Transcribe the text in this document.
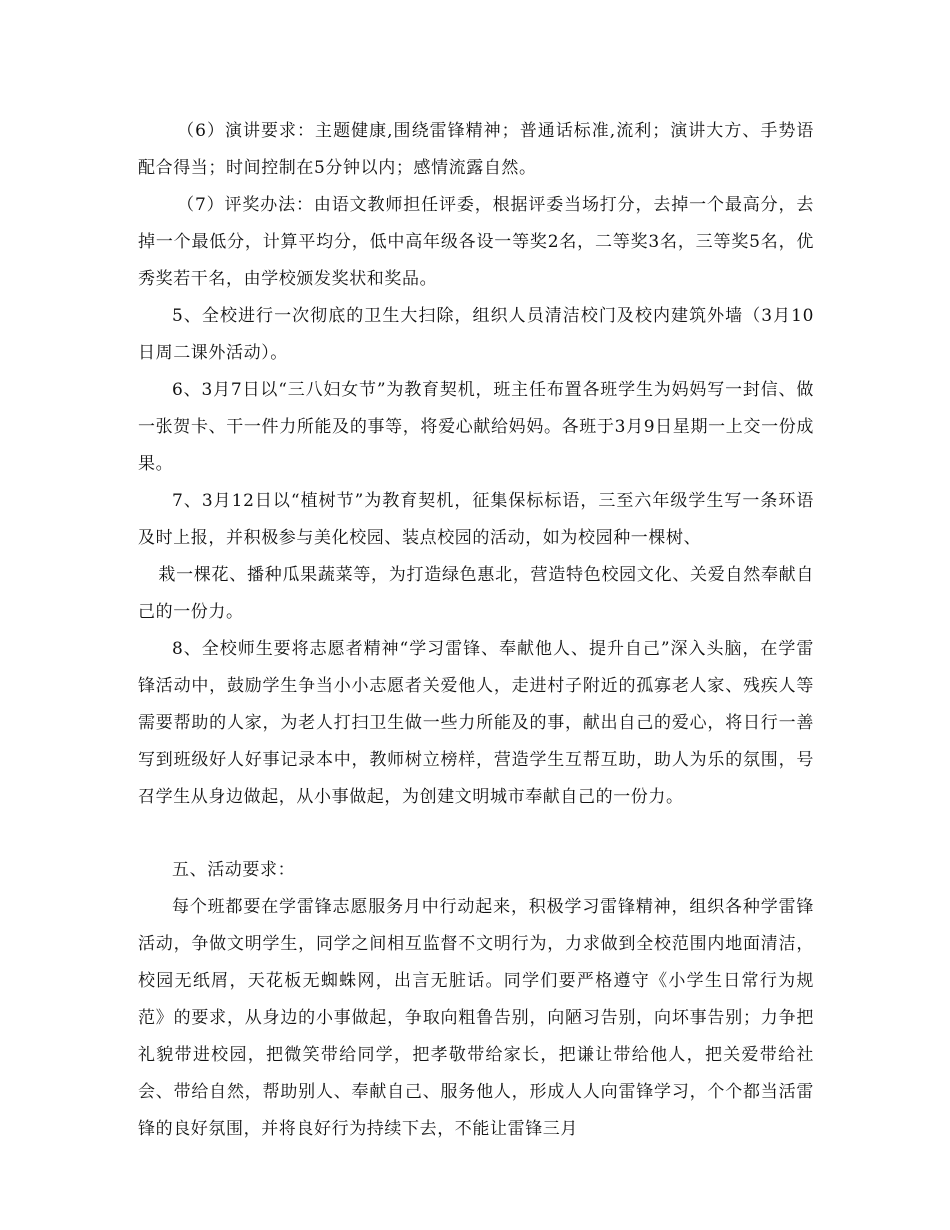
（6）演讲要求：主题健康,围绕雷锋精神；普通话标准,流利；演讲大方、手势语配合得当；时间控制在5分钟以内；感情流露自然。

（7）评奖办法：由语文教师担任评委，根据评委当场打分，去掉一个最高分，去掉一个最低分，计算平均分，低中高年级各设一等奖2名，二等奖3名，三等奖5名，优秀奖若干名，由学校颁发奖状和奖品。

5、全校进行一次彻底的卫生大扫除，组织人员清洁校门及校内建筑外墙（3月10日周二课外活动）。

6、3月7日以“三八妇女节”为教育契机，班主任布置各班学生为妈妈写一封信、做一张贺卡、干一件力所能及的事等，将爱心献给妈妈。各班于3月9日星期一上交一份成果。

7、3月12日以“植树节”为教育契机，征集保标标语，三至六年级学生写一条环语及时上报，并积极参与美化校园、装点校园的活动，如为校园种一棵树、

栽一棵花、播种瓜果蔬菜等，为打造绿色惠北，营造特色校园文化、关爱自然奉献自己的一份力。

8、全校师生要将志愿者精神“学习雷锋、奉献他人、提升自己”深入头脑，在学雷锋活动中，鼓励学生争当小小志愿者关爱他人，走进村子附近的孤寡老人家、残疾人等需要帮助的人家，为老人打扫卫生做一些力所能及的事，献出自己的爱心，将日行一善写到班级好人好事记录本中，教师树立榜样，营造学生互帮互助，助人为乐的氛围，号召学生从身边做起，从小事做起，为创建文明城市奉献自己的一份力。

五、活动要求：

每个班都要在学雷锋志愿服务月中行动起来，积极学习雷锋精神，组织各种学雷锋活动，争做文明学生，同学之间相互监督不文明行为，力求做到全校范围内地面清洁，校园无纸屑，天花板无蜘蛛网，出言无脏话。同学们要严格遵守《小学生日常行为规范》的要求，从身边的小事做起，争取向粗鲁告别，向陋习告别，向坏事告别；力争把礼貌带进校园，把微笑带给同学，把孝敬带给家长，把谦让带给他人，把关爱带给社会、带给自然，帮助别人、奉献自己、服务他人，形成人人向雷锋学习，个个都当活雷锋的良好氛围，并将良好行为持续下去，不能让雷锋三月
